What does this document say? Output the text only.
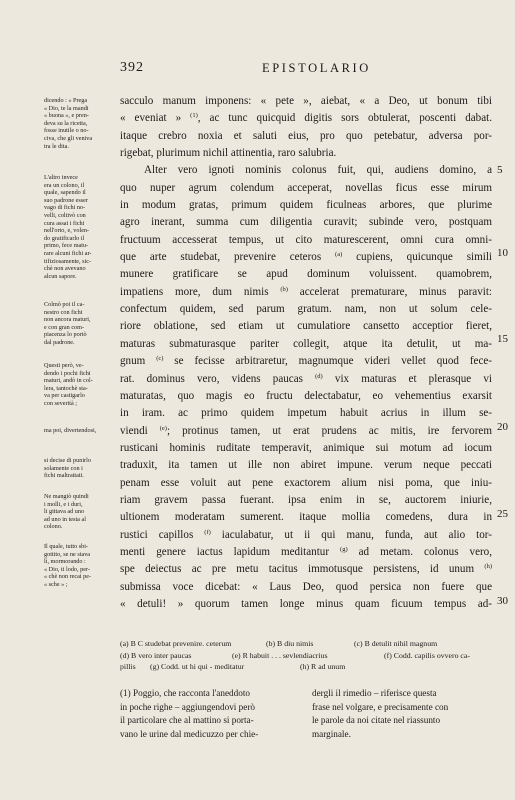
392	EPISTOLARIO
dicendo : « Prega
« Dio, te la mandi
« buona », e pren-
deva su la ricetta,
fosse inutile o no-
civa, che gli veniva
tra le dita.
L'altro invece
era un colono, il
quale, sapendo il
suo padrone esser
vago di fichi no-
velli, coltivò con
cura assai i fichi
nell'orto, e, volen-
do gratificarlo il
primo, fece matu-
rare alcuni fichi ar-
tifiziosamente, sic-
chè non avevano
alcun sapore.
Colmò poi il ca-
nestro con fichi
non ancora maturi,
e con gran com-
piacenza lo portò
dal padrone.
Questi però, ve-
dendo i pochi fichi
maturi, andò in col-
lera, tantochè sta-
va per castigarlo
con severità ;
ma poi, divertendosi,
si decise di punirlo
solamente con i
fichi maltrattati.
Ne mangiò quindi
i molli, e i duri,
li gittava ad uno
ad uno in testa al
colono.
Il quale, tutto sbi-
gottito, se ne stava
lì, mormorando :
« Dio, ti lodo, per-
« chè non recai pe-
« sche » ;
sacculo manum imponens: « pete », aiebat, « a Deo, ut bonum tibi
« eveniat » $^{(1)}$, ac tunc quicquid digitis sors obtulerat, poscenti dabat.
itaque crebro noxia et saluti eius, pro quo petebatur, adversa por-
rigebat, plurimum nichil attinentia, raro salubria.
Alter vero ignoti nominis colonus fuit, qui, audiens domino, a
quo nuper agrum colendum acceperat, novellas ficus esse mirum
in modum gratas, primum quidem ficulneas arbores, que plurime
agro inerant, summa cum diligentia curavit; subinde vero, postquam
fructuum accesserat tempus, ut cito maturescerent, omni cura omni-
que arte studebat, prevenire ceteros $^{(a)}$ cupiens, quicunque simili
munere gratificare se apud dominum voluissent. quamobrem,
impatiens more, dum nimis $^{(b)}$ accelerat prematurare, minus paravit:
confectum quidem, sed parum gratum. nam, non ut solum cele-
riore oblatione, sed etiam ut cumulatiore cansetto acceptior fieret,
maturas submaturasque pariter collegit, atque ita detulit, ut ma-
gnum $^{(c)}$ se fecisse arbitraretur, magnumque videri vellet quod fece-
rat. dominus vero, videns paucas $^{(d)}$ vix maturas et plerasque vi
maturatas, quo magis eo fructu delectabatur, eo vehementius exarsit
in iram. ac primo quidem impetum habuit acrius in illum se-
viendi $^{(e)}$; protinus tamen, ut erat prudens ac mitis, ire fervorem
rusticani hominis ruditate temperavit, animique sui motum ad iocum
traduxit, ita tamen ut ille non abiret impune. verum neque peccati
penam esse voluit aut pene exactorem alium nisi poma, que iniu-
riam gravem passa fuerant. ipsa enim in se, auctorem iniurie,
ultionem moderatam sumerent. itaque mollia comedens, dura in
rustici capillos $^{(f)}$ iaculabatur, ut ii qui manu, funda, aut alio tor-
menti genere iactus lapidum meditantur $^{(g)}$ ad metam. colonus vero,
spe deiectus ac pre metu tacitus immotusque persistens, id unum $^{(h)}$
submissa voce dicebat: « Laus Deo, quod persica non fuere que
« detuli! » quorum tamen longe minus quam ficuum tempus ad-
5
10
15
20
25
30
(a) B C studebat prevenire. ceterum	(b) B diu nimis	(c) B detulit nihil magnum
(d) B vero inter paucas	(e) R habuit . . . sevlendiacrius	(f) Codd. capilis ovvero ca-
pillis (g) Codd. ut hi qui - meditatur	(h) R ad unum
(1) Poggio, che racconta l'aneddoto
in poche righe – aggiungendovi però
il particolare che al mattino si porta-
vano le urine dal medicuzzo per chie-
dergli il rimedio – riferisce questa
frase nel volgare, e precisamente con
le parole da noi citate nel riassunto
marginale.
